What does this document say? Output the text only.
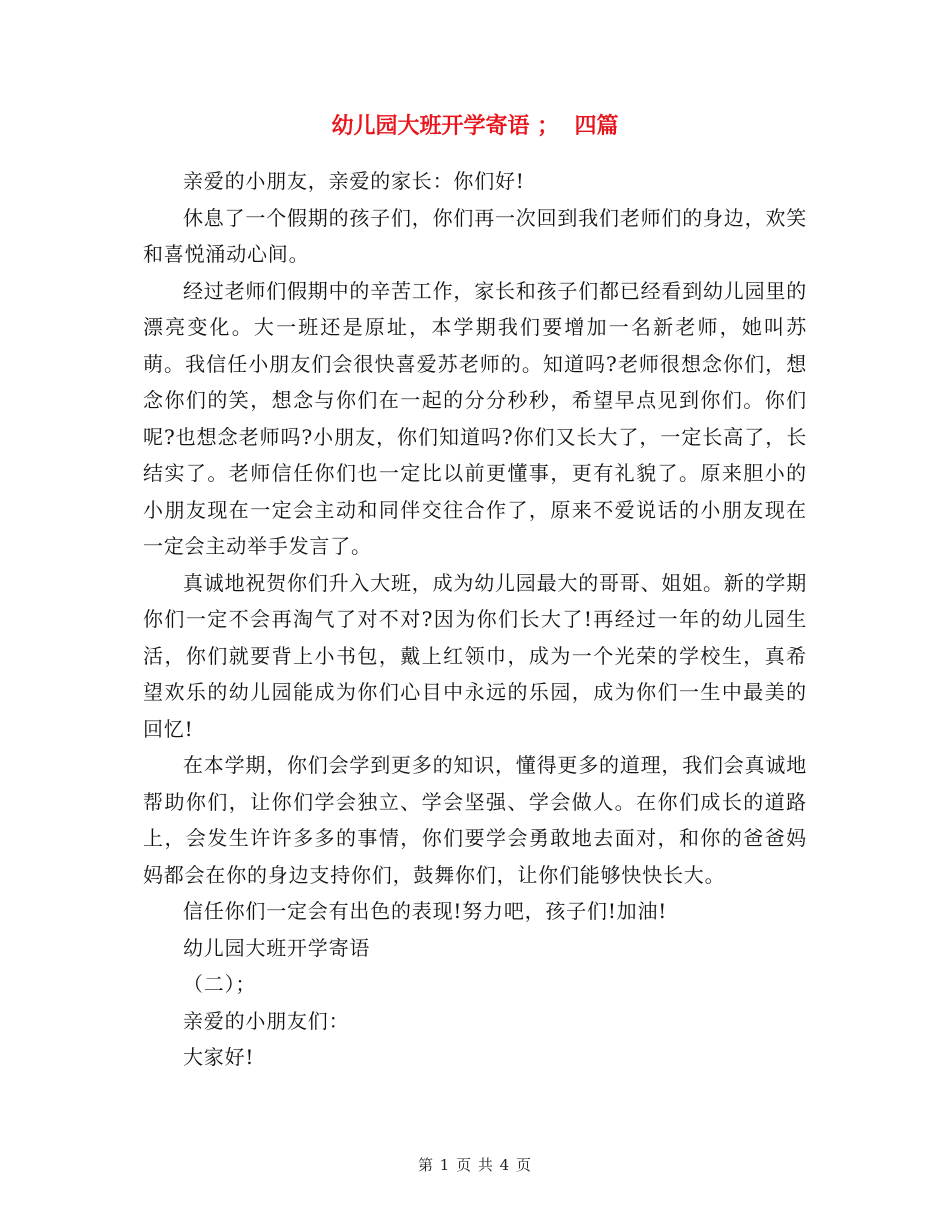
幼儿园大班开学寄语 ；  四篇

亲爱的小朋友，亲爱的家长：你们好!

休息了一个假期的孩子们，你们再一次回到我们老师们的身边，欢笑和喜悦涌动心间。

经过老师们假期中的辛苦工作，家长和孩子们都已经看到幼儿园里的漂亮变化。大一班还是原址，本学期我们要增加一名新老师，她叫苏萌。我信任小朋友们会很快喜爱苏老师的。知道吗?老师很想念你们，想念你们的笑，想念与你们在一起的分分秒秒，希望早点见到你们。你们呢?也想念老师吗?小朋友，你们知道吗?你们又长大了，一定长高了，长结实了。老师信任你们也一定比以前更懂事，更有礼貌了。原来胆小的小朋友现在一定会主动和同伴交往合作了，原来不爱说话的小朋友现在一定会主动举手发言了。

真诚地祝贺你们升入大班，成为幼儿园最大的哥哥、姐姐。新的学期你们一定不会再淘气了对不对?因为你们长大了!再经过一年的幼儿园生活，你们就要背上小书包，戴上红领巾，成为一个光荣的学校生，真希望欢乐的幼儿园能成为你们心目中永远的乐园，成为你们一生中最美的回忆!

在本学期，你们会学到更多的知识，懂得更多的道理，我们会真诚地帮助你们，让你们学会独立、学会坚强、学会做人。在你们成长的道路上，会发生许许多多的事情，你们要学会勇敢地去面对，和你的爸爸妈妈都会在你的身边支持你们，鼓舞你们，让你们能够快快长大。

信任你们一定会有出色的表现!努力吧，孩子们!加油!

幼儿园大班开学寄语

（二）；

亲爱的小朋友们：

大家好!

第 1 页 共 4 页
